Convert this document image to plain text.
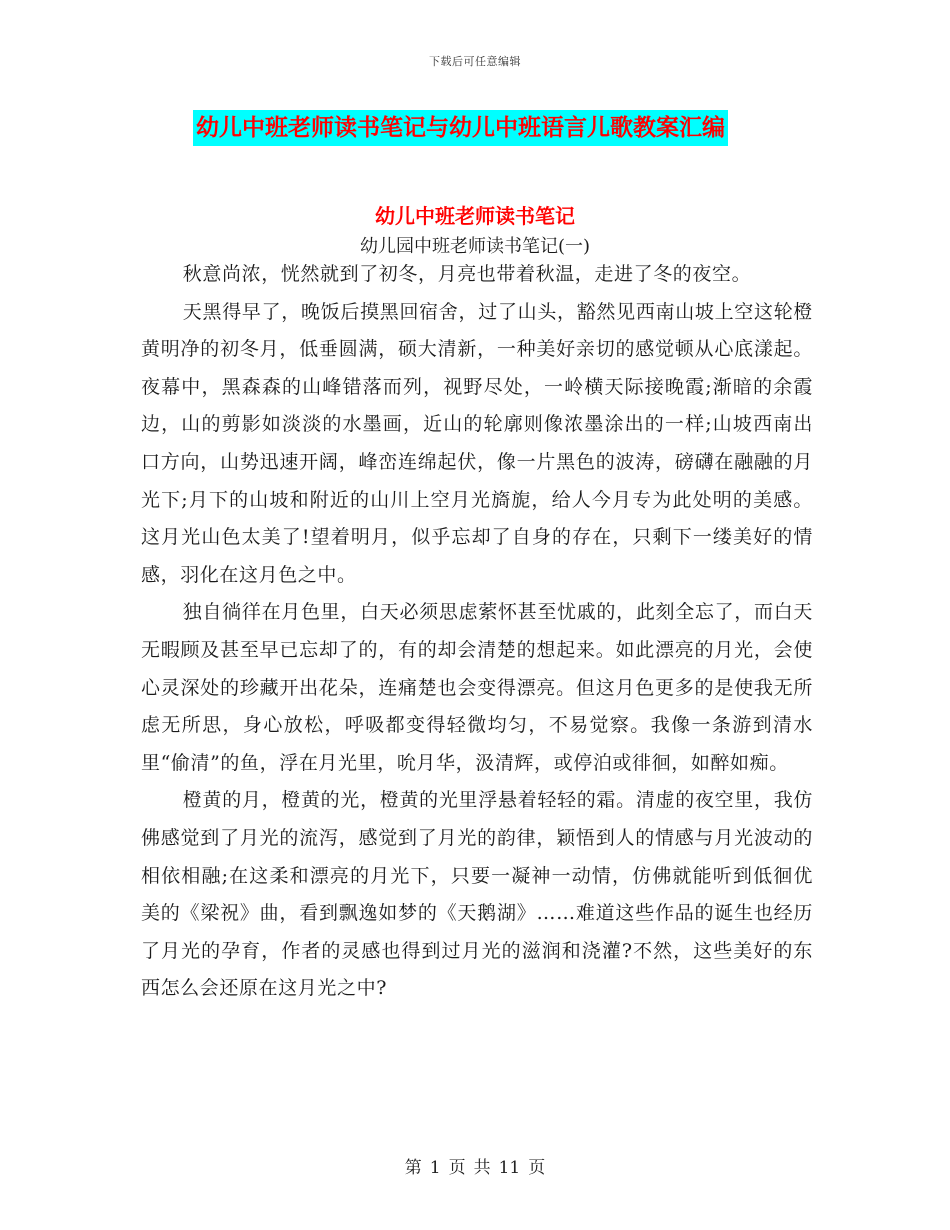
下载后可任意编辑
幼儿中班老师读书笔记与幼儿中班语言儿歌教案汇编
幼儿中班老师读书笔记
幼儿园中班老师读书笔记(一)

秋意尚浓，恍然就到了初冬，月亮也带着秋温，走进了冬的夜空。

天黑得早了，晚饭后摸黑回宿舍，过了山头，豁然见西南山坡上空这轮橙黄明净的初冬月，低垂圆满，硕大清新，一种美好亲切的感觉顿从心底漾起。夜幕中，黑森森的山峰错落而列，视野尽处，一岭横天际接晚霞;渐暗的余霞边，山的剪影如淡淡的水墨画，近山的轮廓则像浓墨涂出的一样;山坡西南出口方向，山势迅速开阔，峰峦连绵起伏，像一片黑色的波涛，磅礴在融融的月光下;月下的山坡和附近的山川上空月光旖旎，给人今月专为此处明的美感。这月光山色太美了!望着明月，似乎忘却了自身的存在，只剩下一缕美好的情感，羽化在这月色之中。

独自徜徉在月色里，白天必须思虑萦怀甚至忧戚的，此刻全忘了，而白天无暇顾及甚至早已忘却了的，有的却会清楚的想起来。如此漂亮的月光，会使心灵深处的珍藏开出花朵，连痛楚也会变得漂亮。但这月色更多的是使我无所虑无所思，身心放松，呼吸都变得轻微均匀，不易觉察。我像一条游到清水里“偷清”的鱼，浮在月光里，吮月华，汲清辉，或停泊或徘徊，如醉如痴。

橙黄的月，橙黄的光，橙黄的光里浮悬着轻轻的霜。清虚的夜空里，我仿佛感觉到了月光的流泻，感觉到了月光的韵律，颖悟到人的情感与月光波动的相依相融;在这柔和漂亮的月光下，只要一凝神一动情，仿佛就能听到低徊优美的《梁祝》曲，看到飘逸如梦的《天鹅湖》……难道这些作品的诞生也经历了月光的孕育，作者的灵感也得到过月光的滋润和浇灌?不然，这些美好的东西怎么会还原在这月光之中?

第 1 页 共 11 页
